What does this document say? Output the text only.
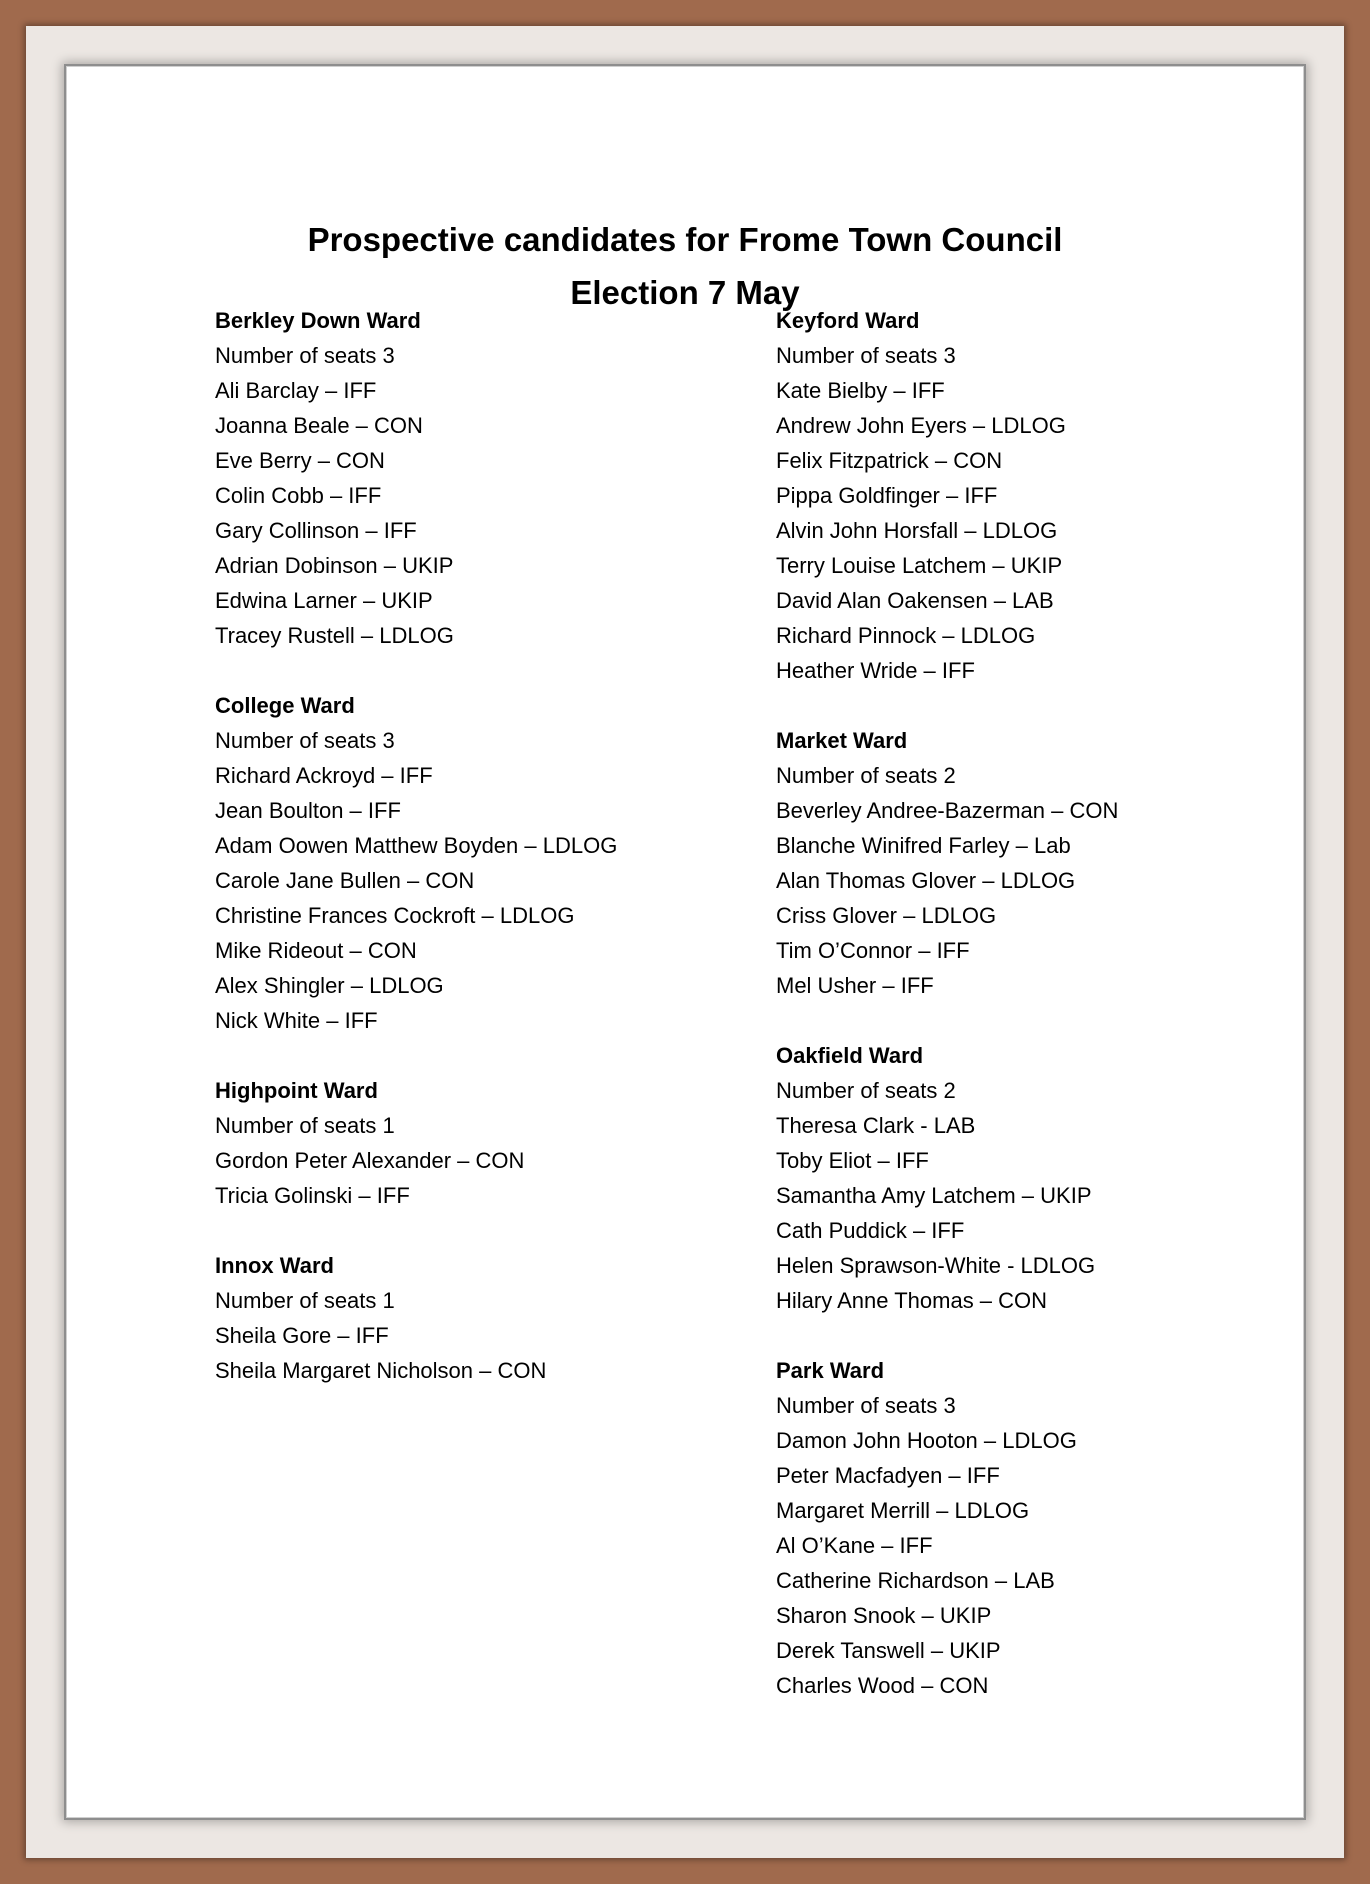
Prospective candidates for Frome Town Council
Election 7 May
Berkley Down Ward
Number of seats 3
Ali Barclay – IFF
Joanna Beale – CON
Eve Berry – CON
Colin Cobb – IFF
Gary Collinson – IFF
Adrian Dobinson – UKIP
Edwina Larner – UKIP
Tracey Rustell – LDLOG
College Ward
Number of seats 3
Richard Ackroyd – IFF
Jean Boulton – IFF
Adam Oowen Matthew Boyden – LDLOG
Carole Jane Bullen – CON
Christine Frances Cockroft – LDLOG
Mike Rideout – CON
Alex Shingler – LDLOG
Nick White – IFF
Highpoint Ward
Number of seats 1
Gordon Peter Alexander – CON
Tricia Golinski – IFF
Innox Ward
Number of seats 1
Sheila Gore – IFF
Sheila Margaret Nicholson – CON
Keyford Ward
Number of seats 3
Kate Bielby – IFF
Andrew John Eyers – LDLOG
Felix Fitzpatrick – CON
Pippa Goldfinger – IFF
Alvin John Horsfall – LDLOG
Terry Louise Latchem – UKIP
David Alan Oakensen – LAB
Richard Pinnock – LDLOG
Heather Wride – IFF
Market Ward
Number of seats 2
Beverley Andree-Bazerman – CON
Blanche Winifred Farley – Lab
Alan Thomas Glover – LDLOG
Criss Glover – LDLOG
Tim O’Connor – IFF
Mel Usher – IFF
Oakfield Ward
Number of seats 2
Theresa Clark - LAB
Toby Eliot – IFF
Samantha Amy Latchem – UKIP
Cath Puddick – IFF
Helen Sprawson-White - LDLOG
Hilary Anne Thomas – CON
Park Ward
Number of seats 3
Damon John Hooton – LDLOG
Peter Macfadyen – IFF
Margaret Merrill – LDLOG
Al O’Kane – IFF
Catherine Richardson – LAB
Sharon Snook – UKIP
Derek Tanswell – UKIP
Charles Wood – CON
